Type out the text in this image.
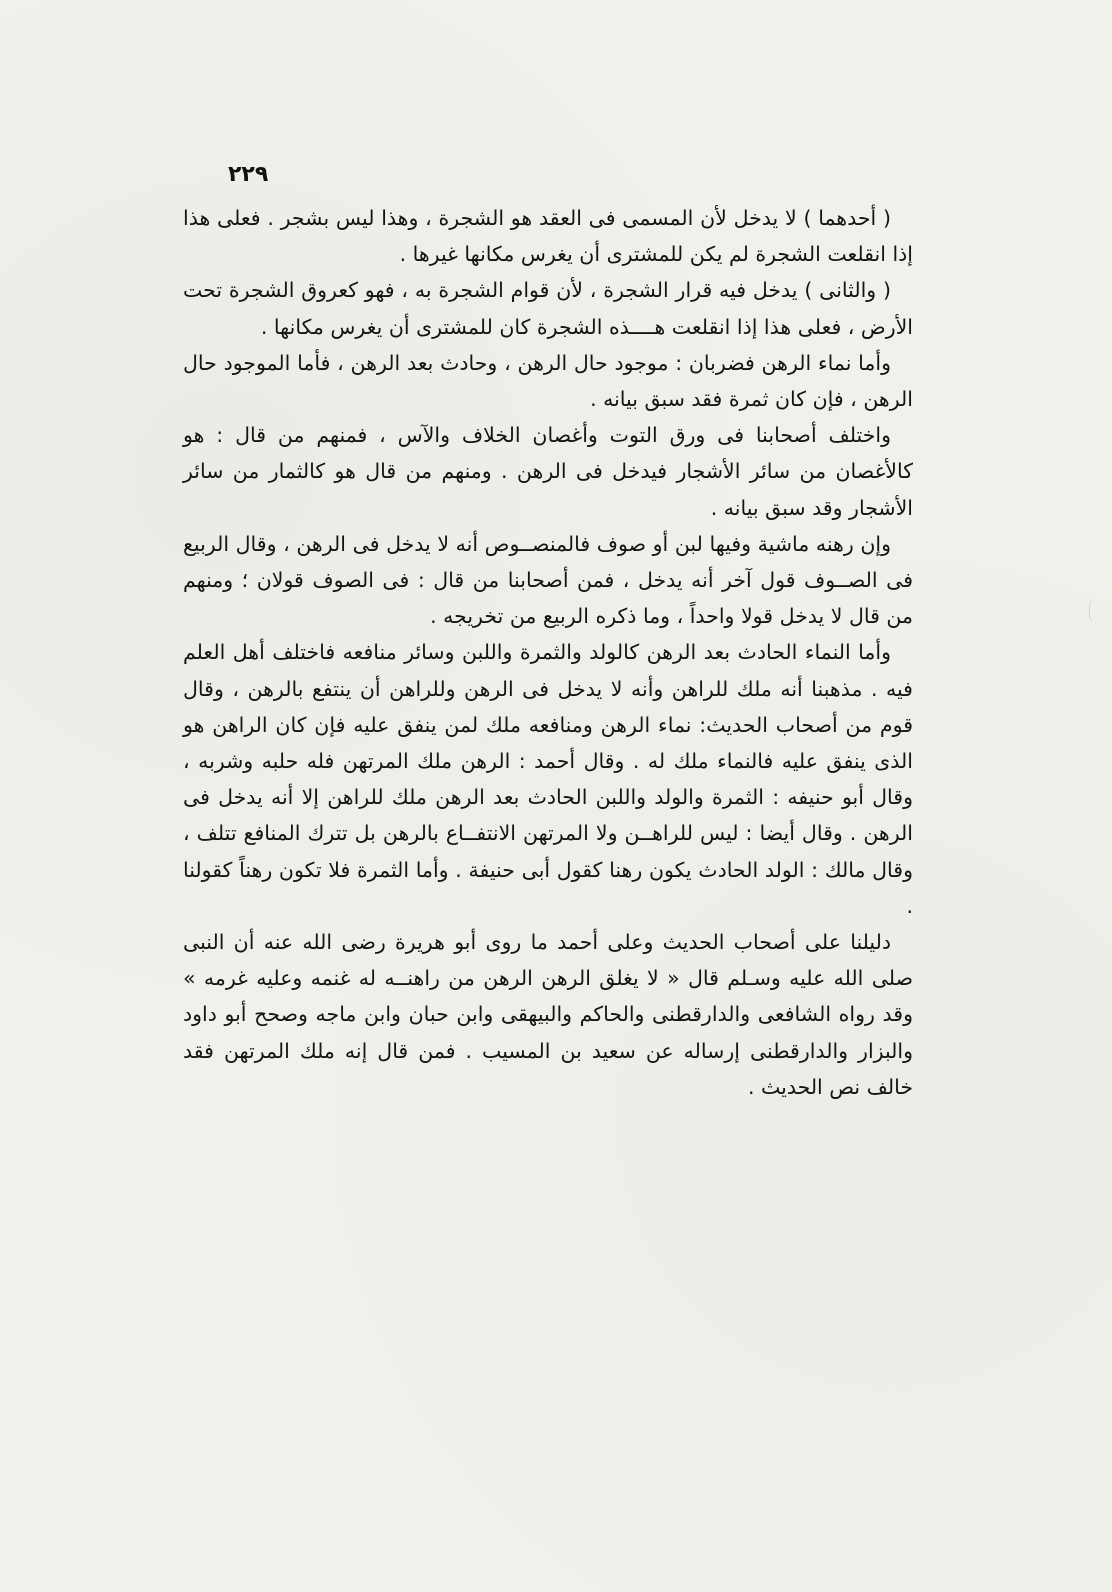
٢٢٩

( أحدهما ) لا يدخل لأن المسمى فى العقد هو الشجرة ، وهذا ليس بشجر . فعلى هذا إذا انقلعت الشجرة لم يكن للمشترى أن يغرس مكانها غيرها .

( والثانى ) يدخل فيه قرار الشجرة ، لأن قوام الشجرة به ، فهو كعروق الشجرة تحت الأرض ، فعلى هذا إذا انقلعت هــــذه الشجرة كان للمشترى أن يغرس مكانها .

وأما نماء الرهن فضربان : موجود حال الرهن ، وحادث بعد الرهن ، فأما الموجود حال الرهن ، فإن كان ثمرة فقد سبق بيانه .

واختلف أصحابنا فى ورق التوت وأغصان الخلاف والآس ، فمنهم من قال : هو كالأغصان من سائر الأشجار فيدخل فى الرهن . ومنهم من قال هو كالثمار من سائر الأشجار وقد سبق بيانه .

وإن رهنه ماشية وفيها لبن أو صوف فالمنصــوص أنه لا يدخل فى الرهن ، وقال الربيع فى الصــوف قول آخر أنه يدخل ، فمن أصحابنا من قال : فى الصوف قولان ؛ ومنهم من قال لا يدخل قولا واحداً ، وما ذكره الربيع من تخريجه .

وأما النماء الحادث بعد الرهن كالولد والثمرة واللبن وسائر منافعه فاختلف أهل العلم فيه . مذهبنا أنه ملك للراهن وأنه لا يدخل فى الرهن وللراهن أن ينتفع بالرهن ، وقال قوم من أصحاب الحديث: نماء الرهن ومنافعه ملك لمن ينفق عليه فإن كان الراهن هو الذى ينفق عليه فالنماء ملك له . وقال أحمد : الرهن ملك المرتهن فله حلبه وشربه ، وقال أبو حنيفه : الثمرة والولد واللبن الحادث بعد الرهن ملك للراهن إلا أنه يدخل فى الرهن . وقال أيضا : ليس للراهــن ولا المرتهن الانتفــاع بالرهن بل تترك المنافع تتلف ، وقال مالك : الولد الحادث يكون رهنا كقول أبى حنيفة . وأما الثمرة فلا تكون رهناً كقولنا .

دليلنا على أصحاب الحديث وعلى أحمد ما روى أبو هريرة رضى الله عنه أن النبى صلى الله عليه وسـلم قال « لا يغلق الرهن الرهن من راهنــه له غنمه وعليه غرمه » وقد رواه الشافعى والدارقطنى والحاكم والبيهقى وابن حبان وابن ماجه وصحح أبو داود والبزار والدارقطنى إرساله عن سعيد بن المسيب . فمن قال إنه ملك المرتهن فقد خالف نص الحديث .
